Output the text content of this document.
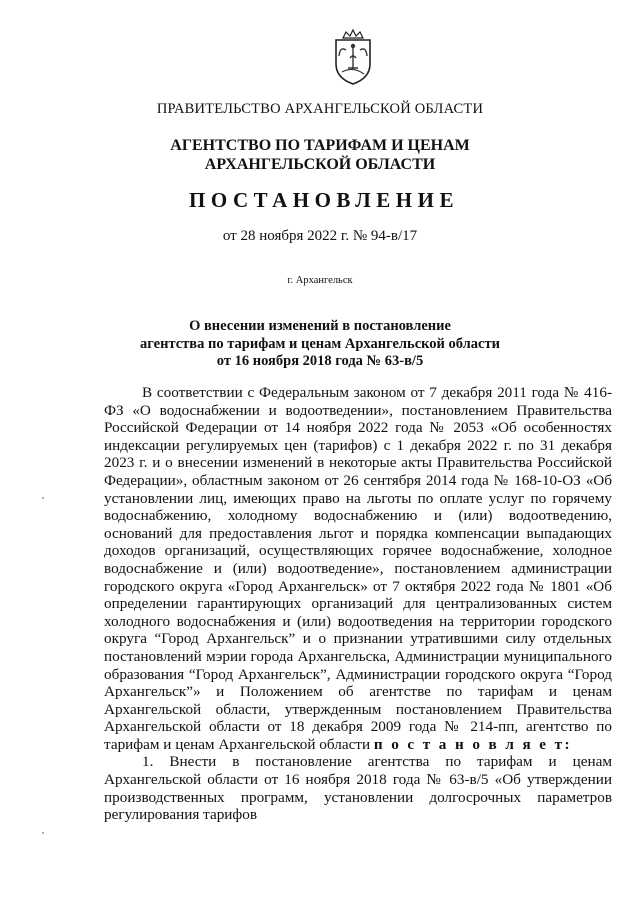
ПРАВИТЕЛЬСТВО АРХАНГЕЛЬСКОЙ ОБЛАСТИ
АГЕНТСТВО ПО ТАРИФАМ И ЦЕНАМ
АРХАНГЕЛЬСКОЙ ОБЛАСТИ
ПОСТАНОВЛЕНИЕ
от 28 ноября 2022 г. № 94-в/17
г. Архангельск
О внесении изменений в постановление
агентства по тарифам и ценам Архангельской области
от 16 ноября 2018 года № 63-в/5

В соответствии с Федеральным законом от 7 декабря 2011 года № 416-ФЗ «О водоснабжении и водоотведении», постановлением Правительства Российской Федерации от 14 ноября 2022 года № 2053 «Об особенностях индексации регулируемых цен (тарифов) с 1 декабря 2022 г. по 31 декабря 2023 г. и о внесении изменений в некоторые акты Правительства Российской Федерации», областным законом от 26 сентября 2014 года № 168-10-ОЗ «Об установлении лиц, имеющих право на льготы по оплате услуг по горячему водоснабжению, холодному водоснабжению и (или) водоотведению, оснований для предоставления льгот и порядка компенсации выпадающих доходов организаций, осуществляющих горячее водоснабжение, холодное водоснабжение и (или) водоотведение», постановлением администрации городского округа «Город Архангельск» от 7 октября 2022 года № 1801 «Об определении гарантирующих организаций для централизованных систем холодного водоснабжения и (или) водоотведения на территории городского округа “Город Архангельск” и о признании утратившими силу отдельных постановлений мэрии города Архангельска, Администрации муниципального образования “Город Архангельск”, Администрации городского округа “Город Архангельск”» и Положением об агентстве по тарифам и ценам Архангельской области, утвержденным постановлением Правительства Архангельской области от 18 декабря 2009 года № 214-пп, агентство по тарифам и ценам Архангельской области п о с т а н о в л я е т:

1. Внести в постановление агентства по тарифам и ценам Архангельской области от 16 ноября 2018 года № 63-в/5 «Об утверждении производственных программ, установлении долгосрочных параметров регулирования тарифов
